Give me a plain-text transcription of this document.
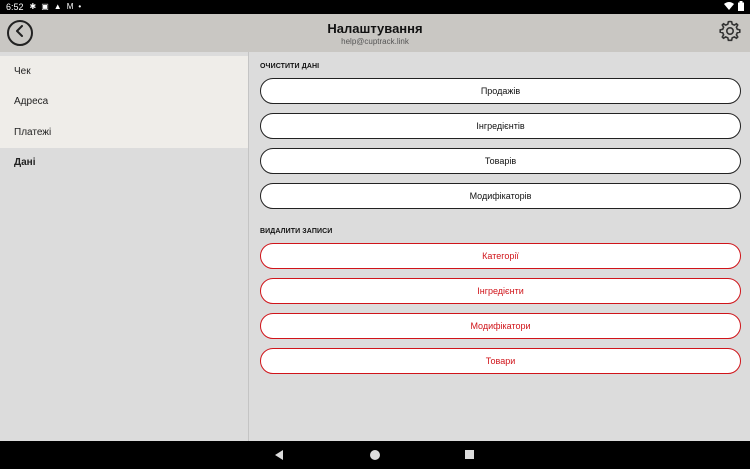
6:52 ✱ ▣ ▲ M •
Налаштування
help@cuptrack.link
Чек
Адреса
Платежі
Дані
ОЧИСТИТИ ДАНІ
Продажів
Інгредієнтів
Товарів
Модифікаторів
ВИДАЛИТИ ЗАПИСИ
Категорії
Інгредієнти
Модифікатори
Товари
